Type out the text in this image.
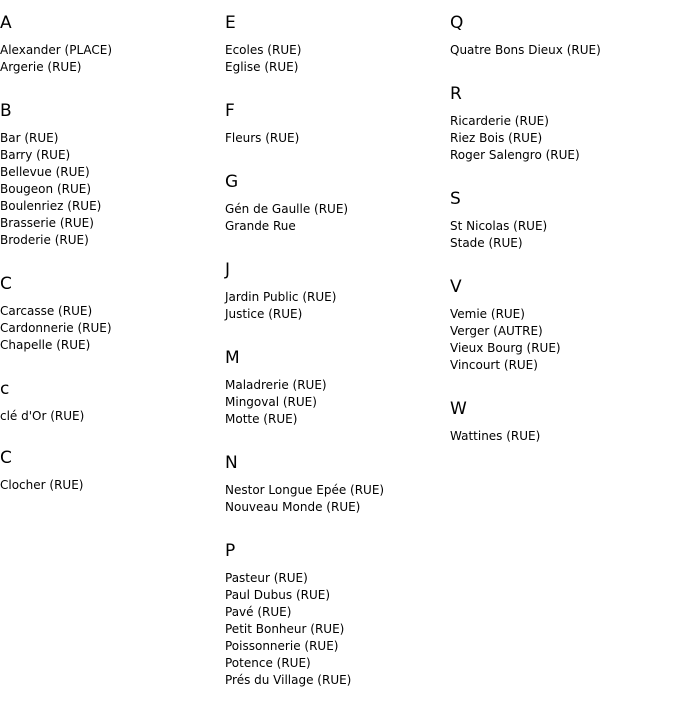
A
Alexander (PLACE)
Argerie (RUE)
B
Bar (RUE)
Barry (RUE)
Bellevue (RUE)
Bougeon (RUE)
Boulenriez (RUE)
Brasserie (RUE)
Broderie (RUE)
C
Carcasse (RUE)
Cardonnerie (RUE)
Chapelle (RUE)
c
clé d'Or (RUE)
C
Clocher (RUE)
E
Ecoles (RUE)
Eglise (RUE)
F
Fleurs (RUE)
G
Gén de Gaulle (RUE)
Grande Rue
J
Jardin Public (RUE)
Justice (RUE)
M
Maladrerie (RUE)
Mingoval (RUE)
Motte (RUE)
N
Nestor Longue Epée (RUE)
Nouveau Monde (RUE)
P
Pasteur (RUE)
Paul Dubus (RUE)
Pavé (RUE)
Petit Bonheur (RUE)
Poissonnerie (RUE)
Potence (RUE)
Prés du Village (RUE)
Q
Quatre Bons Dieux (RUE)
R
Ricarderie (RUE)
Riez Bois (RUE)
Roger Salengro (RUE)
S
St Nicolas (RUE)
Stade (RUE)
V
Vemie (RUE)
Verger (AUTRE)
Vieux Bourg (RUE)
Vincourt (RUE)
W
Wattines (RUE)
